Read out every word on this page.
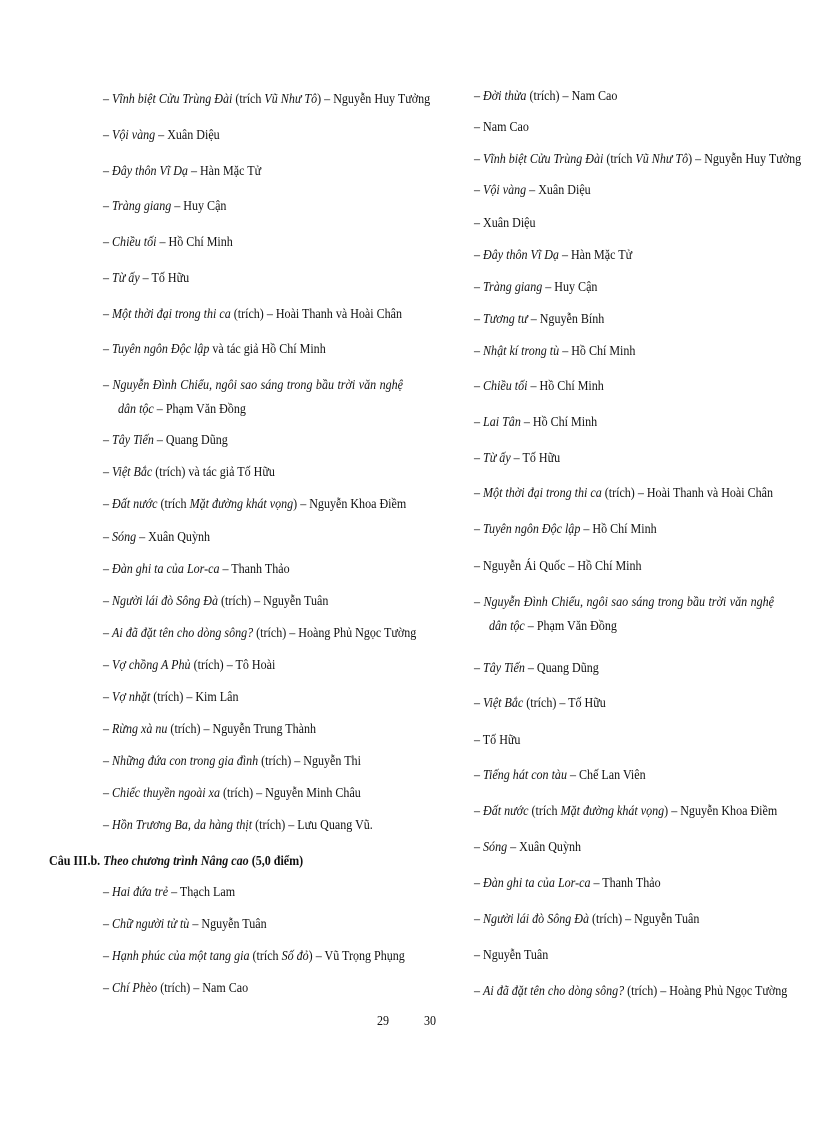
– Vĩnh biệt Cửu Trùng Đài (trích Vũ Như Tô) – Nguyễn Huy Tưởng
– Vội vàng – Xuân Diệu
– Đây thôn Vĩ Dạ – Hàn Mặc Tử
– Tràng giang – Huy Cận
– Chiều tối – Hồ Chí Minh
– Từ ấy – Tố Hữu
– Một thời đại trong thi ca (trích) – Hoài Thanh và Hoài Chân
– Tuyên ngôn Độc lập và tác giả Hồ Chí Minh
– Nguyễn Đình Chiểu, ngôi sao sáng trong bầu trời văn nghệ
dân tộc – Phạm Văn Đồng
– Tây Tiến – Quang Dũng
– Việt Bắc (trích) và tác giả Tố Hữu
– Đất nước (trích Mặt đường khát vọng) – Nguyễn Khoa Điềm
– Sóng – Xuân Quỳnh
– Đàn ghi ta của Lor-ca – Thanh Thảo
– Người lái đò Sông Đà (trích) – Nguyễn Tuân
– Ai đã đặt tên cho dòng sông? (trích) – Hoàng Phủ Ngọc Tường
– Vợ chồng A Phủ (trích) – Tô Hoài
– Vợ nhặt (trích) – Kim Lân
– Rừng xà nu (trích) – Nguyễn Trung Thành
– Những đứa con trong gia đình (trích) – Nguyễn Thi
– Chiếc thuyền ngoài xa (trích) – Nguyễn Minh Châu
– Hồn Trương Ba, da hàng thịt (trích) – Lưu Quang Vũ.
Câu III.b. Theo chương trình Nâng cao (5,0 điểm)
– Hai đứa trẻ – Thạch Lam
– Chữ người tử tù – Nguyễn Tuân
– Hạnh phúc của một tang gia (trích Số đỏ) – Vũ Trọng Phụng
– Chí Phèo (trích) – Nam Cao
– Đời thừa (trích) – Nam Cao
– Nam Cao
– Vĩnh biệt Cửu Trùng Đài (trích Vũ Như Tô) – Nguyễn Huy Tưởng
– Vội vàng – Xuân Diệu
– Xuân Diệu
– Đây thôn Vĩ Dạ – Hàn Mặc Tử
– Tràng giang – Huy Cận
– Tương tư – Nguyễn Bính
– Nhật kí trong tù – Hồ Chí Minh
– Chiều tối – Hồ Chí Minh
– Lai Tân – Hồ Chí Minh
– Từ ấy – Tố Hữu
– Một thời đại trong thi ca (trích) – Hoài Thanh và Hoài Chân
– Tuyên ngôn Độc lập – Hồ Chí Minh
– Nguyễn Ái Quốc – Hồ Chí Minh
– Nguyễn Đình Chiểu, ngôi sao sáng trong bầu trời văn nghệ
dân tộc – Phạm Văn Đồng
– Tây Tiến – Quang Dũng
– Việt Bắc (trích) – Tố Hữu
– Tố Hữu
– Tiếng hát con tàu – Chế Lan Viên
– Đất nước (trích Mặt đường khát vọng) – Nguyễn Khoa Điềm
– Sóng – Xuân Quỳnh
– Đàn ghi ta của Lor-ca – Thanh Thảo
– Người lái đò Sông Đà (trích) – Nguyễn Tuân
– Nguyễn Tuân
– Ai đã đặt tên cho dòng sông? (trích) – Hoàng Phủ Ngọc Tường
29 30
